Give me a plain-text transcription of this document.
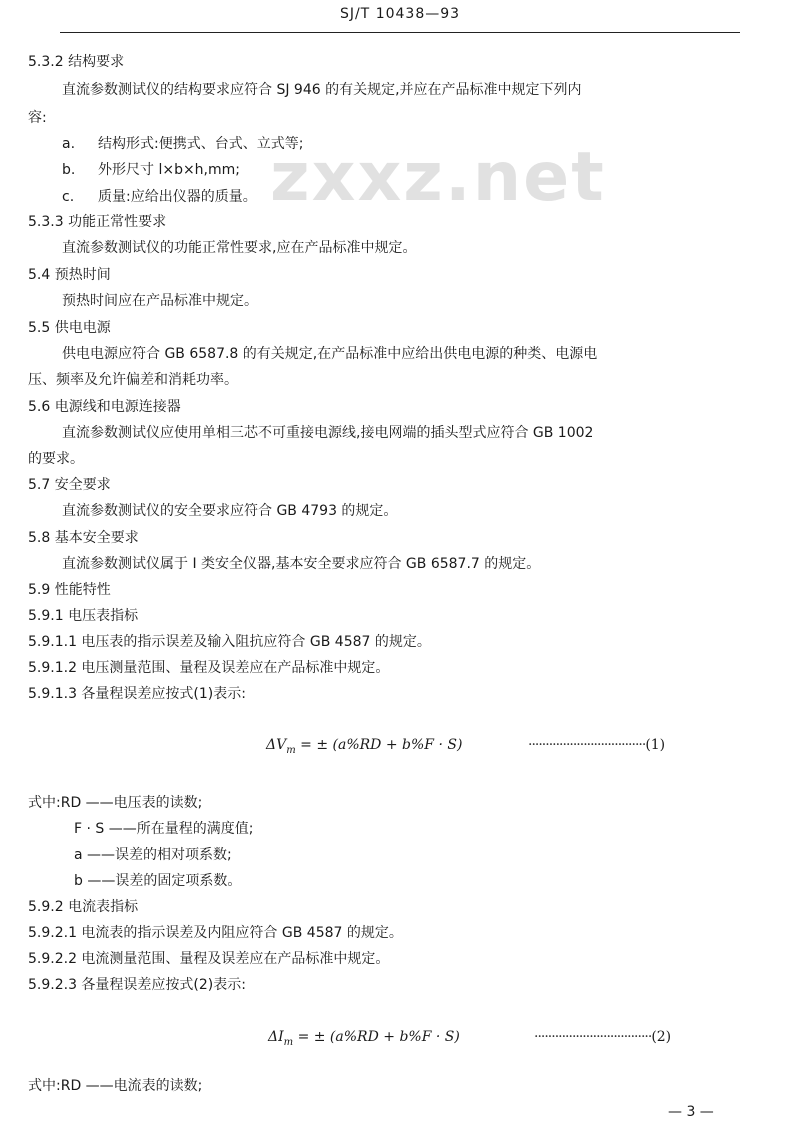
SJ/T 10438—93
zxxz.net
5.3.2 结构要求
直流参数测试仪的结构要求应符合 SJ 946 的有关规定,并应在产品标准中规定下列内
容:
a. 结构形式:便携式、台式、立式等;
b. 外形尺寸 l×b×h,mm;
c. 质量:应给出仪器的质量。
5.3.3 功能正常性要求
直流参数测试仪的功能正常性要求,应在产品标准中规定。
5.4 预热时间
预热时间应在产品标准中规定。
5.5 供电电源
供电电源应符合 GB 6587.8 的有关规定,在产品标准中应给出供电电源的种类、电源电
压、频率及允许偏差和消耗功率。
5.6 电源线和电源连接器
直流参数测试仪应使用单相三芯不可重接电源线,接电网端的插头型式应符合 GB 1002
的要求。
5.7 安全要求
直流参数测试仪的安全要求应符合 GB 4793 的规定。
5.8 基本安全要求
直流参数测试仪属于 I 类安全仪器,基本安全要求应符合 GB 6587.7 的规定。
5.9 性能特性
5.9.1 电压表指标
5.9.1.1 电压表的指示误差及输入阻抗应符合 GB 4587 的规定。
5.9.1.2 电压测量范围、量程及误差应在产品标准中规定。
5.9.1.3 各量程误差应按式(1)表示:
$\Delta V_m$ = ± (a%RD + b%F · S)	··································(1)
式中:RD ——电压表的读数;
F · S ——所在量程的满度值;
a ——误差的相对项系数;
b ——误差的固定项系数。
5.9.2 电流表指标
5.9.2.1 电流表的指示误差及内阻应符合 GB 4587 的规定。
5.9.2.2 电流测量范围、量程及误差应在产品标准中规定。
5.9.2.3 各量程误差应按式(2)表示:
$\Delta I_m$ = ± (a%RD + b%F · S)	··································(2)
式中:RD ——电流表的读数;
— 3 —
